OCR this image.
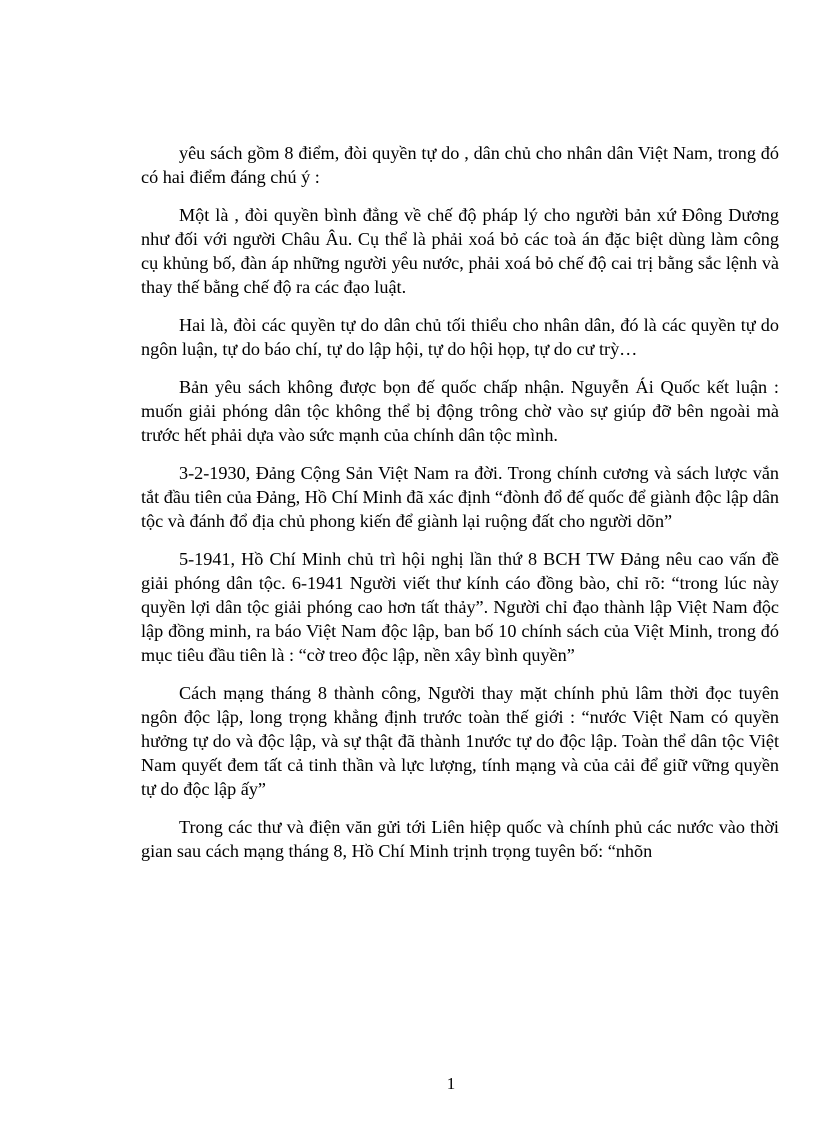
yêu sách gồm 8 điểm, đòi quyền tự do , dân chủ cho nhân dân Việt Nam, trong đó có hai điểm đáng chú ý :

Một là , đòi quyền bình đẳng về chế độ pháp lý cho người bản xứ Đông Dương như đối với người Châu Âu. Cụ thể là phải xoá bỏ các toà án đặc biệt dùng làm công cụ khủng bố, đàn áp những người yêu nước, phải xoá bỏ chế độ cai trị bằng sắc lệnh và thay thế bằng chế độ ra các đạo luật.

Hai là, đòi các quyền tự do dân chủ tối thiểu cho nhân dân, đó là các quyền tự do ngôn luận, tự do báo chí, tự do lập hội, tự do hội họp, tự do cư trỳ…

Bản yêu sách không được bọn đế quốc chấp nhận. Nguyễn Ái Quốc kết luận : muốn giải phóng dân tộc không thể bị động trông chờ vào sự giúp đỡ bên ngoài mà trước hết phải dựa vào sức mạnh của chính dân tộc mình.

3-2-1930, Đảng Cộng Sản Việt Nam ra đời. Trong chính cương và sách lược vắn tắt đầu tiên của Đảng, Hồ Chí Minh đã xác định “đònh đổ đế quốc để giành độc lập dân tộc và đánh đổ địa chủ phong kiến để giành lại ruộng đất cho người dõn”

5-1941, Hồ Chí Minh chủ trì hội nghị lần thứ 8 BCH TW Đảng nêu cao vấn đề giải phóng dân tộc. 6-1941 Người viết thư kính cáo đồng bào, chỉ rõ: “trong lúc này quyền lợi dân tộc giải phóng cao hơn tất thảy”. Người chỉ đạo thành lập Việt Nam độc lập đồng minh, ra báo Việt Nam độc lập, ban bố 10 chính sách của Việt Minh, trong đó mục tiêu đầu tiên là : “cờ treo độc lập, nền xây bình quyền”

Cách mạng tháng 8 thành công, Người thay mặt chính phủ lâm thời đọc tuyên ngôn độc lập, long trọng khẳng định trước toàn thế giới : “nước Việt Nam có quyền hưởng tự do và độc lập, và sự thật đã thành 1nước tự do độc lập. Toàn thể dân tộc Việt Nam quyết đem tất cả tinh thần và lực lượng, tính mạng và của cải để giữ vững quyền tự do độc lập ấy”

Trong các thư và điện văn gửi tới Liên hiệp quốc và chính phủ các nước vào thời gian sau cách mạng tháng 8, Hồ Chí Minh trịnh trọng tuyên bố: “nhõn

1
